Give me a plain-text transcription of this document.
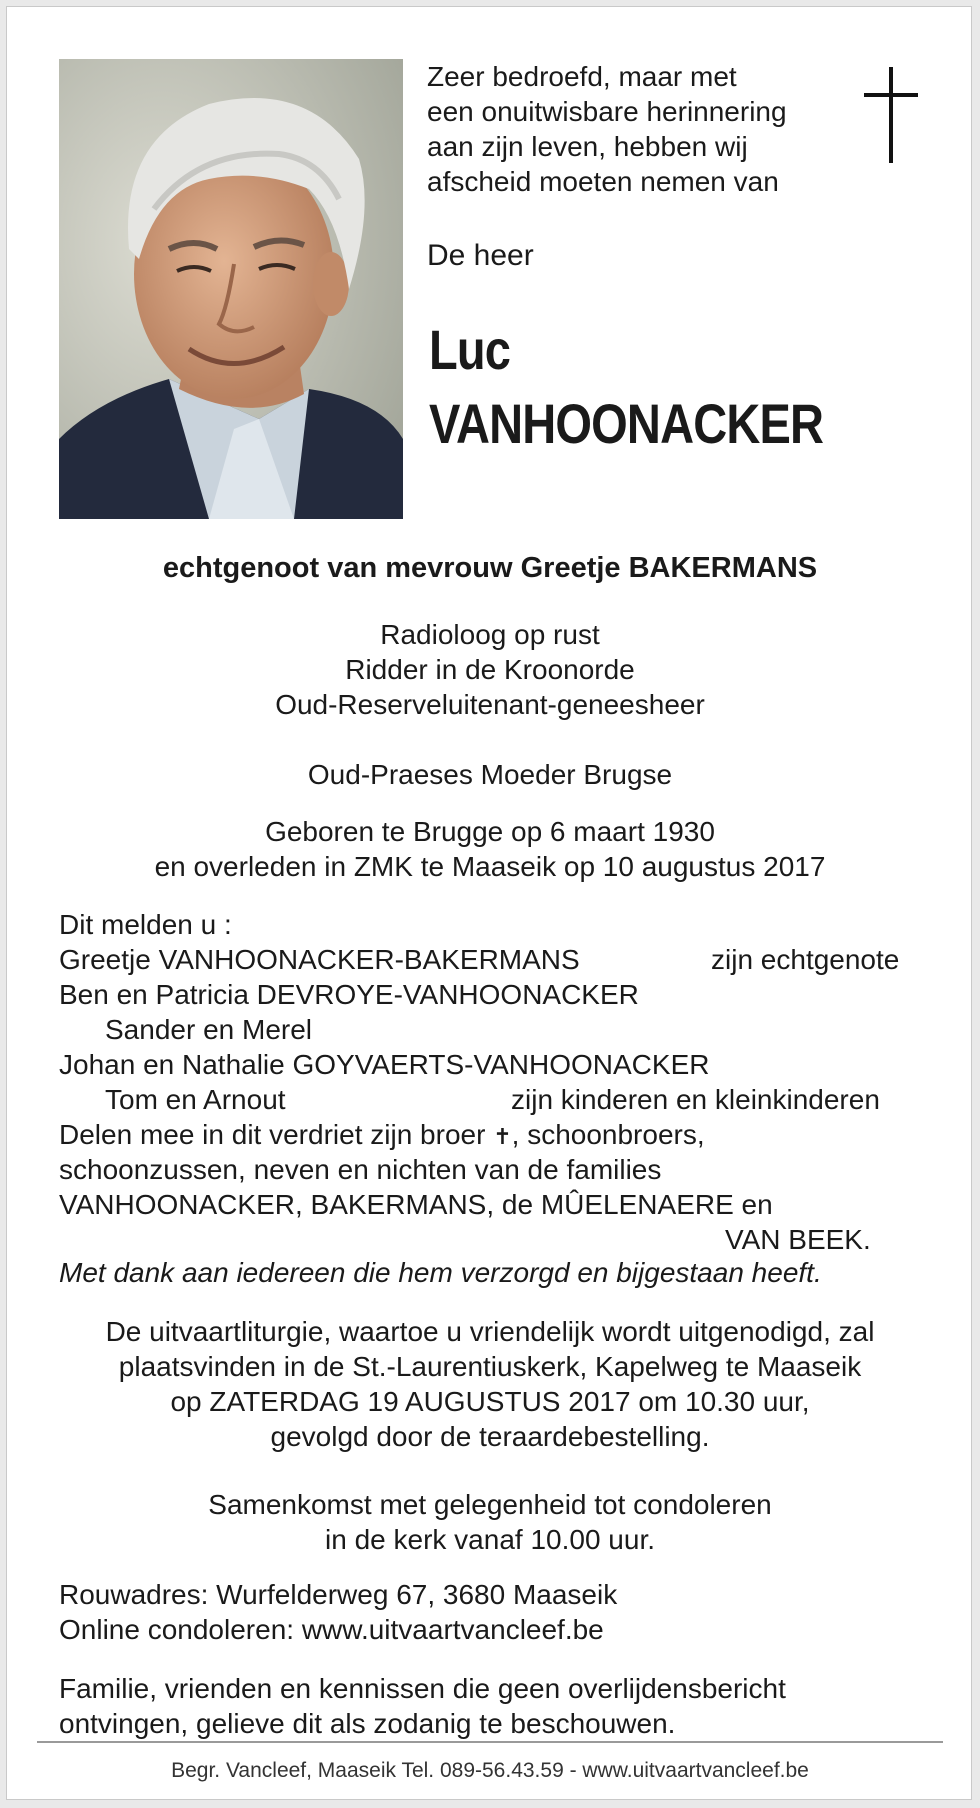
Zeer bedroefd, maar met
een onuitwisbare herinnering
aan zijn leven, hebben wij
afscheid moeten nemen van
De heer
Luc
VANHOONACKER
echtgenoot van mevrouw Greetje BAKERMANS
Radioloog op rust
Ridder in de Kroonorde
Oud-Reserveluitenant-geneesheer
Oud-Praeses Moeder Brugse
Geboren te Brugge op 6 maart 1930
en overleden in ZMK te Maaseik op 10 augustus 2017
Dit melden u :
Greetje VANHOONACKER-BAKERMANS	zijn echtgenote
Ben en Patricia DEVROYE-VANHOONACKER
Sander en Merel
Johan en Nathalie GOYVAERTS-VANHOONACKER
Tom en Arnout	zijn kinderen en kleinkinderen
Delen mee in dit verdriet zijn broer ✝, schoonbroers,
schoonzussen, neven en nichten van de families
VANHOONACKER, BAKERMANS, de MÛELENAERE en
VAN BEEK.
Met dank aan iedereen die hem verzorgd en bijgestaan heeft.
De uitvaartliturgie, waartoe u vriendelijk wordt uitgenodigd, zal
plaatsvinden in de St.-Laurentiuskerk, Kapelweg te Maaseik
op ZATERDAG 19 AUGUSTUS 2017 om 10.30 uur,
gevolgd door de teraardebestelling.
Samenkomst met gelegenheid tot condoleren
in de kerk vanaf 10.00 uur.
Rouwadres: Wurfelderweg 67, 3680 Maaseik
Online condoleren: www.uitvaartvancleef.be
Familie, vrienden en kennissen die geen overlijdensbericht
ontvingen, gelieve dit als zodanig te beschouwen.
Begr. Vancleef, Maaseik Tel. 089-56.43.59 - www.uitvaartvancleef.be
